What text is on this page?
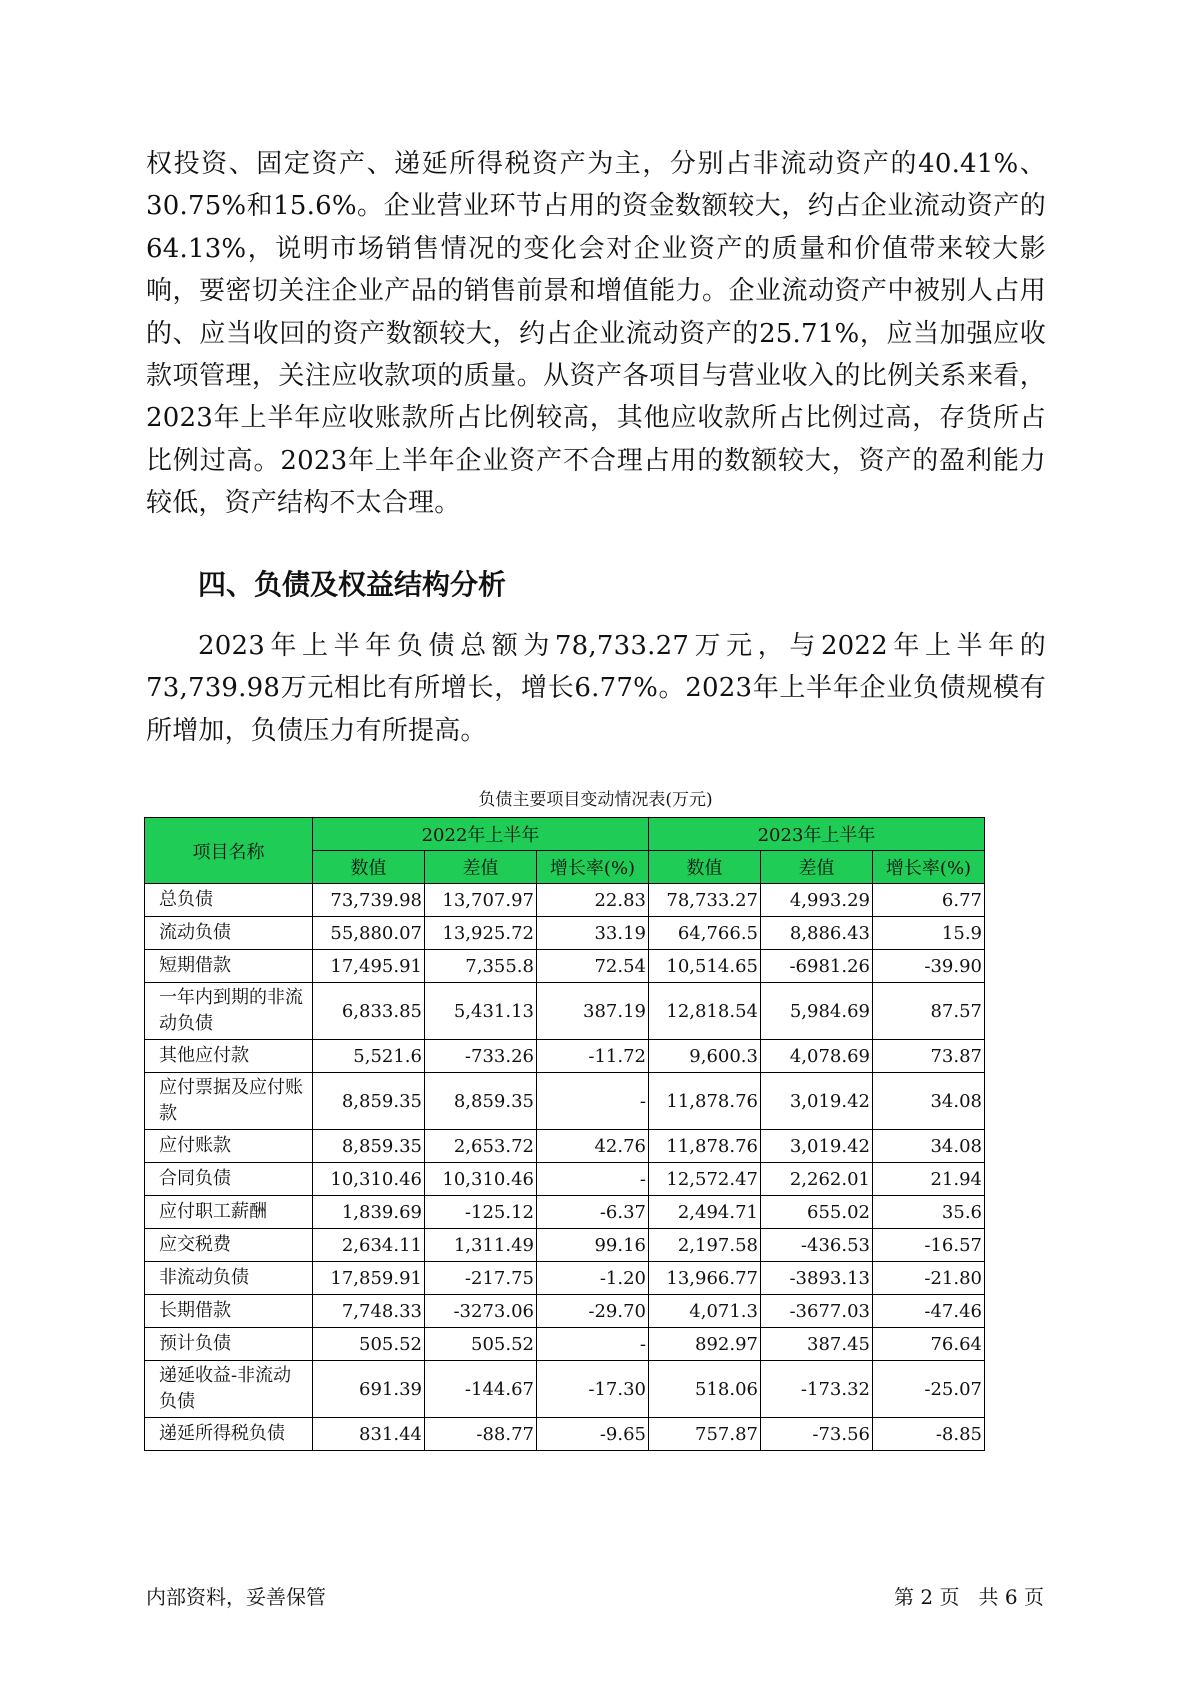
权投资、固定资产、递延所得税资产为主，分别占非流动资产的40.41%、30.75%和15.6%。企业营业环节占用的资金数额较大，约占企业流动资产的64.13%，说明市场销售情况的变化会对企业资产的质量和价值带来较大影响，要密切关注企业产品的销售前景和增值能力。企业流动资产中被别人占用的、应当收回的资产数额较大，约占企业流动资产的25.71%，应当加强应收款项管理，关注应收款项的质量。从资产各项目与营业收入的比例关系来看，2023年上半年应收账款所占比例较高，其他应收款所占比例过高，存货所占比例过高。2023年上半年企业资产不合理占用的数额较大，资产的盈利能力较低，资产结构不太合理。

四、负债及权益结构分析

2023年上半年负债总额为78,733.27万元，与2022年上半年的73,739.98万元相比有所增长，增长6.77%。2023年上半年企业负债规模有所增加，负债压力有所提高。

负债主要项目变动情况表(万元)
项目名称	2022年上半年			2023年上半年		
	数值	差值	增长率(%)	数值	差值	增长率(%)
总负债	73,739.98	13,707.97	22.83	78,733.27	4,993.29	6.77
流动负债	55,880.07	13,925.72	33.19	64,766.5	8,886.43	15.9
短期借款	17,495.91	7,355.8	72.54	10,514.65	-6981.26	-39.90
一年内到期的非流动负债	6,833.85	5,431.13	387.19	12,818.54	5,984.69	87.57
其他应付款	5,521.6	-733.26	-11.72	9,600.3	4,078.69	73.87
应付票据及应付账款	8,859.35	8,859.35	-	11,878.76	3,019.42	34.08
应付账款	8,859.35	2,653.72	42.76	11,878.76	3,019.42	34.08
合同负债	10,310.46	10,310.46	-	12,572.47	2,262.01	21.94
应付职工薪酬	1,839.69	-125.12	-6.37	2,494.71	655.02	35.6
应交税费	2,634.11	1,311.49	99.16	2,197.58	-436.53	-16.57
非流动负债	17,859.91	-217.75	-1.20	13,966.77	-3893.13	-21.80
长期借款	7,748.33	-3273.06	-29.70	4,071.3	-3677.03	-47.46
预计负债	505.52	505.52	-	892.97	387.45	76.64
递延收益-非流动负债	691.39	-144.67	-17.30	518.06	-173.32	-25.07
递延所得税负债	831.44	-88.77	-9.65	757.87	-73.56	-8.85
内部资料，妥善保管	第 2 页   共 6 页
